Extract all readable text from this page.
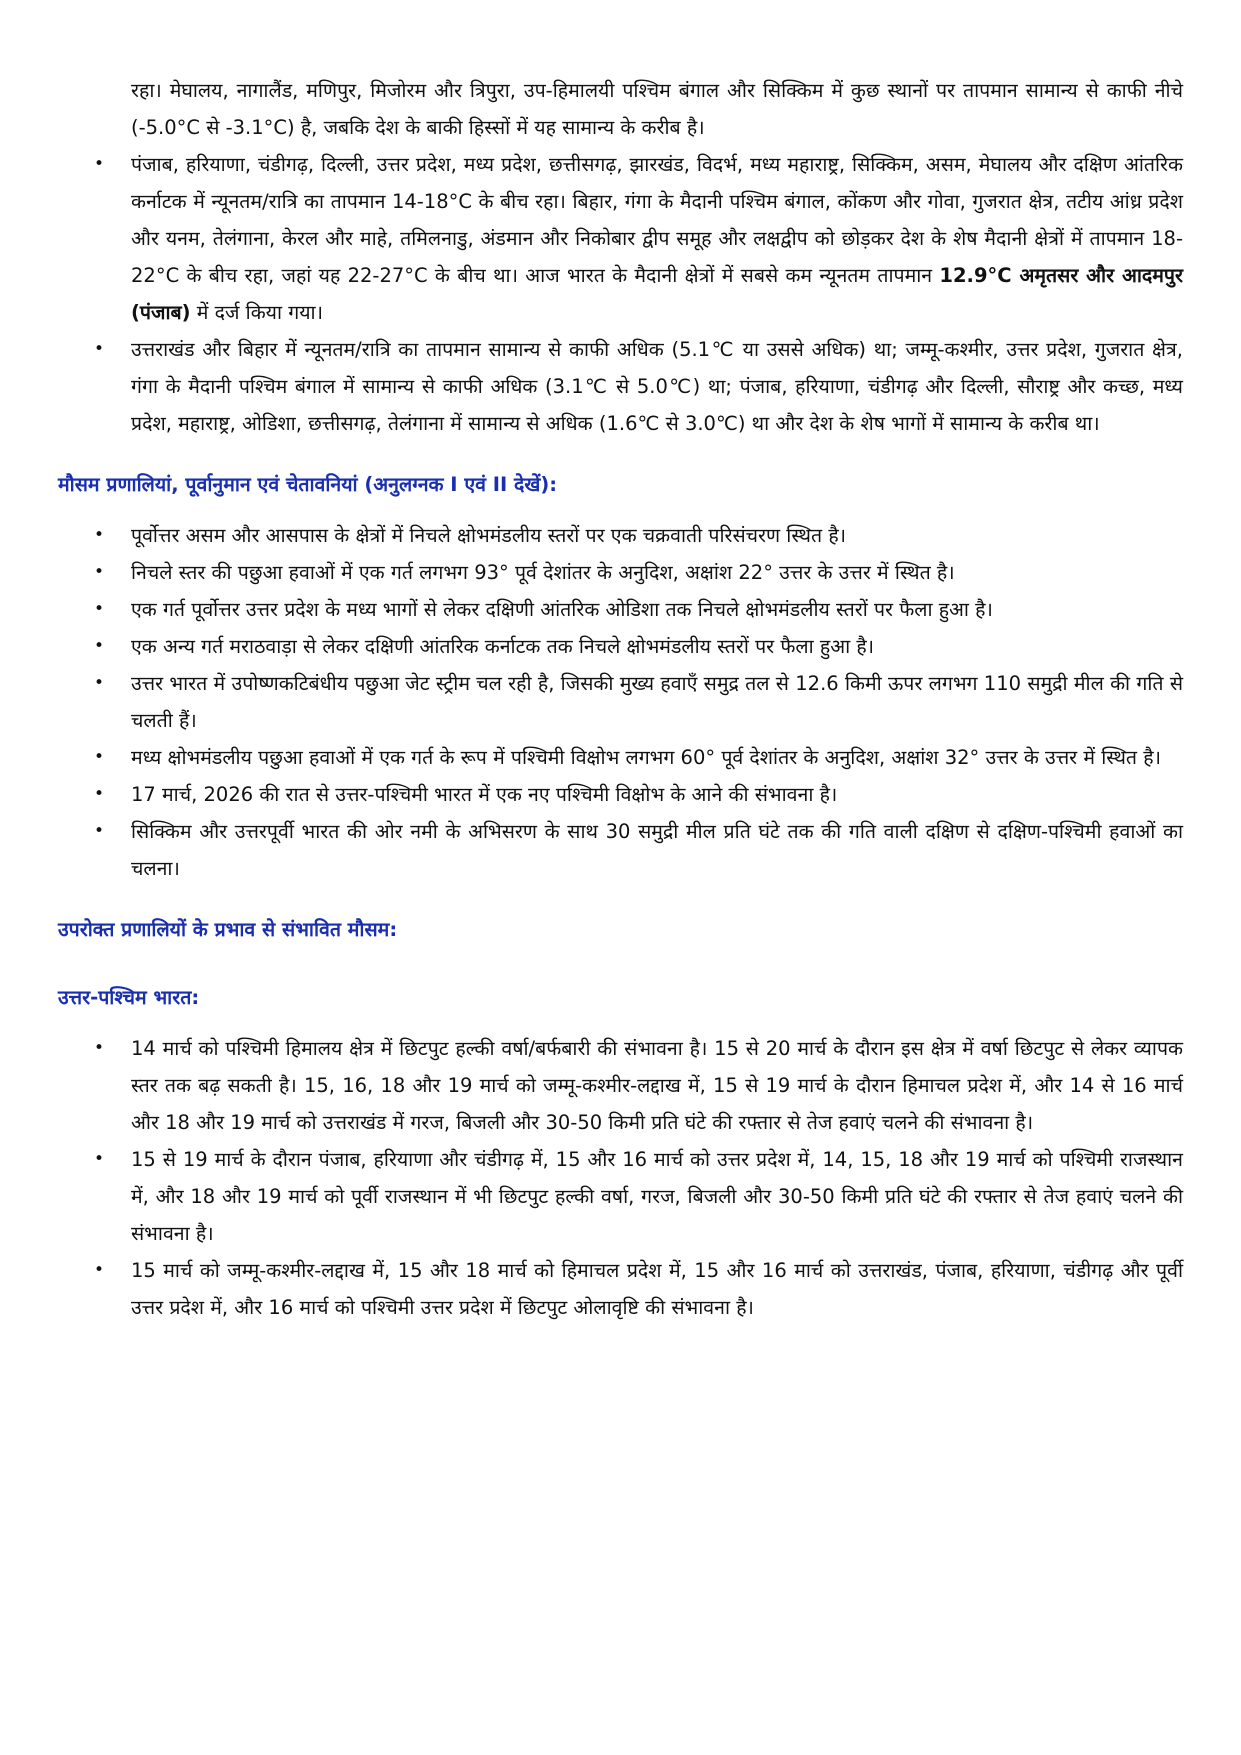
रहा। मेघालय, नागालैंड, मणिपुर, मिजोरम और त्रिपुरा, उप-हिमालयी पश्चिम बंगाल और सिक्किम में कुछ स्थानों पर तापमान सामान्य से काफी नीचे (-5.0°C से -3.1°C) है, जबकि देश के बाकी हिस्सों में यह सामान्य के करीब है।

• पंजाब, हरियाणा, चंडीगढ़, दिल्ली, उत्तर प्रदेश, मध्य प्रदेश, छत्तीसगढ़, झारखंड, विदर्भ, मध्य महाराष्ट्र, सिक्किम, असम, मेघालय और दक्षिण आंतरिक कर्नाटक में न्यूनतम/रात्रि का तापमान 14-18°C के बीच रहा। बिहार, गंगा के मैदानी पश्चिम बंगाल, कोंकण और गोवा, गुजरात क्षेत्र, तटीय आंध्र प्रदेश और यनम, तेलंगाना, केरल और माहे, तमिलनाडु, अंडमान और निकोबार द्वीप समूह और लक्षद्वीप को छोड़कर देश के शेष मैदानी क्षेत्रों में तापमान 18-22°C के बीच रहा, जहां यह 22-27°C के बीच था। आज भारत के मैदानी क्षेत्रों में सबसे कम न्यूनतम तापमान 12.9°C अमृतसर और आदमपुर (पंजाब) में दर्ज किया गया।
• उत्तराखंड और बिहार में न्यूनतम/रात्रि का तापमान सामान्य से काफी अधिक (5.1℃ या उससे अधिक) था; जम्मू-कश्मीर, उत्तर प्रदेश, गुजरात क्षेत्र, गंगा के मैदानी पश्चिम बंगाल में सामान्य से काफी अधिक (3.1℃ से 5.0℃) था; पंजाब, हरियाणा, चंडीगढ़ और दिल्ली, सौराष्ट्र और कच्छ, मध्य प्रदेश, महाराष्ट्र, ओडिशा, छत्तीसगढ़, तेलंगाना में सामान्य से अधिक (1.6℃ से 3.0℃) था और देश के शेष भागों में सामान्य के करीब था।

मौसम प्रणालियां, पूर्वानुमान एवं चेतावनियां (अनुलग्नक I एवं II देखें):

• पूर्वोत्तर असम और आसपास के क्षेत्रों में निचले क्षोभमंडलीय स्तरों पर एक चक्रवाती परिसंचरण स्थित है।
• निचले स्तर की पछुआ हवाओं में एक गर्त लगभग 93° पूर्व देशांतर के अनुदिश, अक्षांश 22° उत्तर के उत्तर में स्थित है।
• एक गर्त पूर्वोत्तर उत्तर प्रदेश के मध्य भागों से लेकर दक्षिणी आंतरिक ओडिशा तक निचले क्षोभमंडलीय स्तरों पर फैला हुआ है।
• एक अन्य गर्त मराठवाड़ा से लेकर दक्षिणी आंतरिक कर्नाटक तक निचले क्षोभमंडलीय स्तरों पर फैला हुआ है।
• उत्तर भारत में उपोष्णकटिबंधीय पछुआ जेट स्ट्रीम चल रही है, जिसकी मुख्य हवाएँ समुद्र तल से 12.6 किमी ऊपर लगभग 110 समुद्री मील की गति से चलती हैं।
• मध्य क्षोभमंडलीय पछुआ हवाओं में एक गर्त के रूप में पश्चिमी विक्षोभ लगभग 60° पूर्व देशांतर के अनुदिश, अक्षांश 32° उत्तर के उत्तर में स्थित है।
• 17 मार्च, 2026 की रात से उत्तर-पश्चिमी भारत में एक नए पश्चिमी विक्षोभ के आने की संभावना है।
• सिक्किम और उत्तरपूर्वी भारत की ओर नमी के अभिसरण के साथ 30 समुद्री मील प्रति घंटे तक की गति वाली दक्षिण से दक्षिण-पश्चिमी हवाओं का चलना।

उपरोक्त प्रणालियों के प्रभाव से संभावित मौसम:

उत्तर-पश्चिम भारत:

• 14 मार्च को पश्चिमी हिमालय क्षेत्र में छिटपुट हल्की वर्षा/बर्फबारी की संभावना है। 15 से 20 मार्च के दौरान इस क्षेत्र में वर्षा छिटपुट से लेकर व्यापक स्तर तक बढ़ सकती है। 15, 16, 18 और 19 मार्च को जम्मू-कश्मीर-लद्दाख में, 15 से 19 मार्च के दौरान हिमाचल प्रदेश में, और 14 से 16 मार्च और 18 और 19 मार्च को उत्तराखंड में गरज, बिजली और 30-50 किमी प्रति घंटे की रफ्तार से तेज हवाएं चलने की संभावना है।
• 15 से 19 मार्च के दौरान पंजाब, हरियाणा और चंडीगढ़ में, 15 और 16 मार्च को उत्तर प्रदेश में, 14, 15, 18 और 19 मार्च को पश्चिमी राजस्थान में, और 18 और 19 मार्च को पूर्वी राजस्थान में भी छिटपुट हल्की वर्षा, गरज, बिजली और 30-50 किमी प्रति घंटे की रफ्तार से तेज हवाएं चलने की संभावना है।
• 15 मार्च को जम्मू-कश्मीर-लद्दाख में, 15 और 18 मार्च को हिमाचल प्रदेश में, 15 और 16 मार्च को उत्तराखंड, पंजाब, हरियाणा, चंडीगढ़ और पूर्वी उत्तर प्रदेश में, और 16 मार्च को पश्चिमी उत्तर प्रदेश में छिटपुट ओलावृष्टि की संभावना है।
